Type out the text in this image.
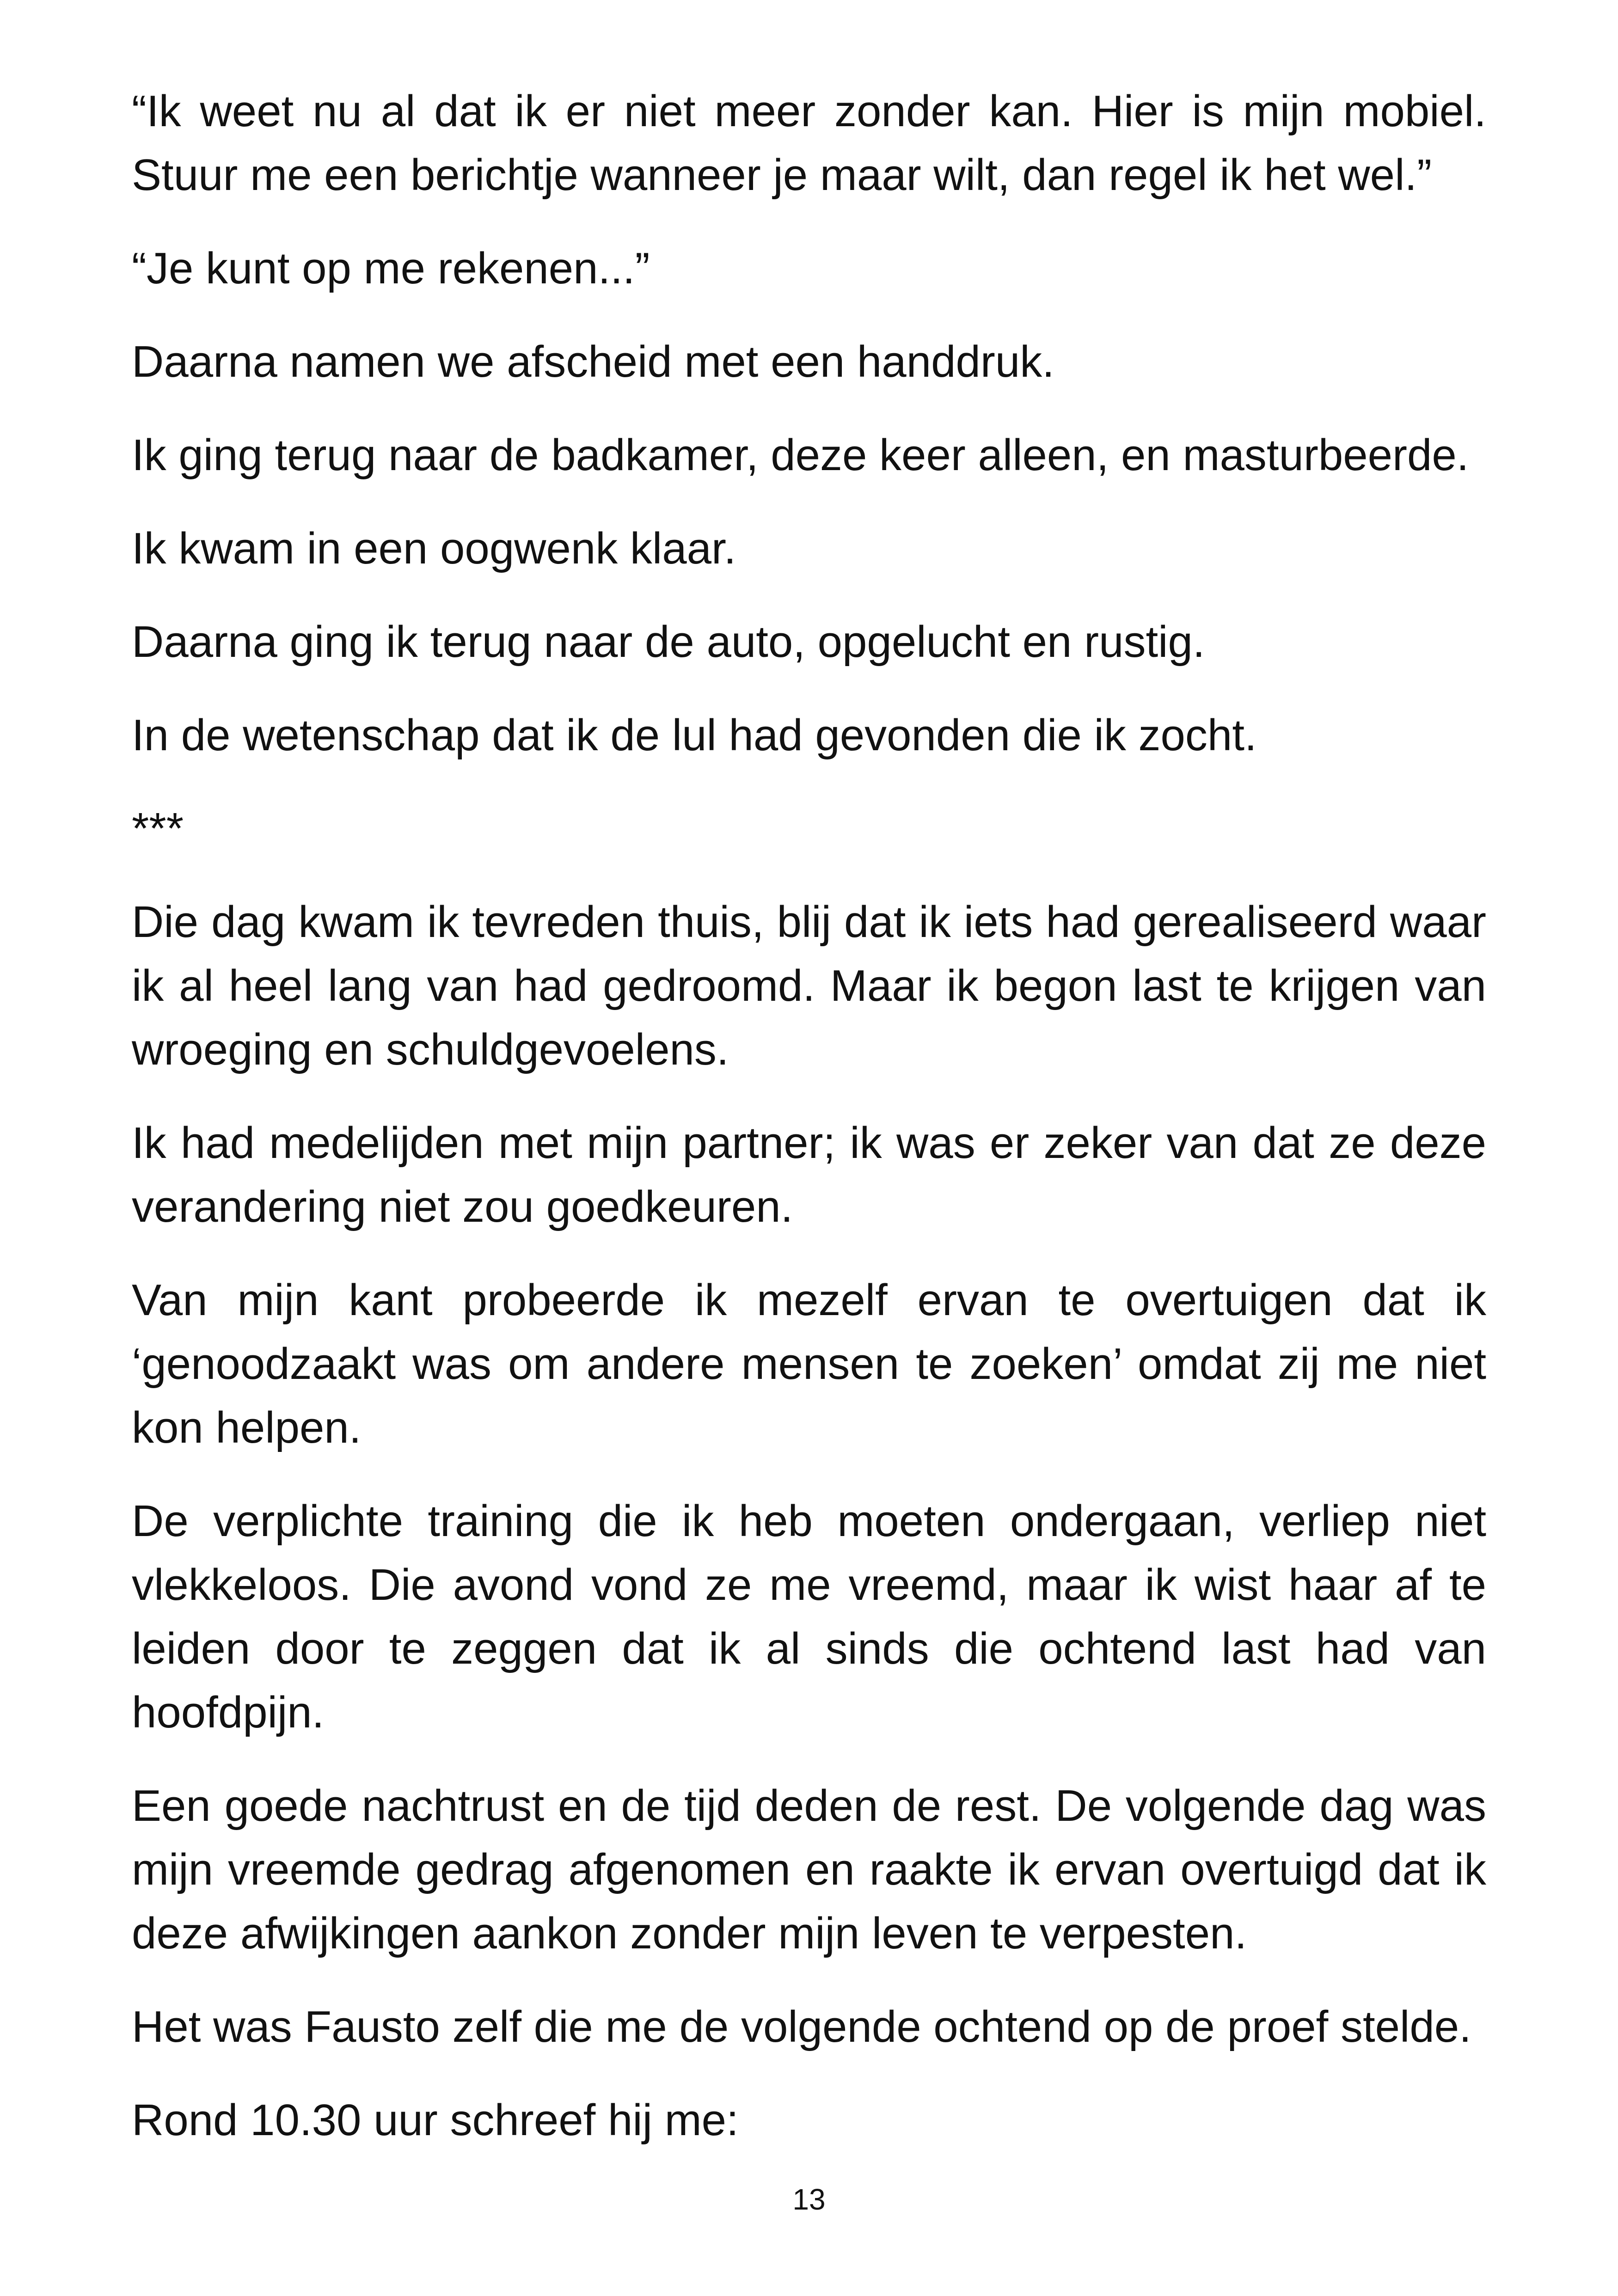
“Ik weet nu al dat ik er niet meer zonder kan. Hier is mijn mobiel. Stuur me een berichtje wanneer je maar wilt, dan regel ik het wel.”

“Je kunt op me rekenen...”

Daarna namen we afscheid met een handdruk.

Ik ging terug naar de badkamer, deze keer alleen, en masturbeerde.

Ik kwam in een oogwenk klaar.

Daarna ging ik terug naar de auto, opgelucht en rustig.

In de wetenschap dat ik de lul had gevonden die ik zocht.

***

Die dag kwam ik tevreden thuis, blij dat ik iets had gerealiseerd waar ik al heel lang van had gedroomd. Maar ik begon last te krijgen van wroeging en schuldgevoelens.

Ik had medelijden met mijn partner; ik was er zeker van dat ze deze verandering niet zou goedkeuren.

Van mijn kant probeerde ik mezelf ervan te overtuigen dat ik ‘genoodzaakt was om andere mensen te zoeken’ omdat zij me niet kon helpen.

De verplichte training die ik heb moeten ondergaan, verliep niet vlekkeloos. Die avond vond ze me vreemd, maar ik wist haar af te leiden door te zeggen dat ik al sinds die ochtend last had van hoofdpijn.

Een goede nachtrust en de tijd deden de rest. De volgende dag was mijn vreemde gedrag afgenomen en raakte ik ervan overtuigd dat ik deze afwijkingen aankon zonder mijn leven te verpesten.

Het was Fausto zelf die me de volgende ochtend op de proef stelde.

Rond 10.30 uur schreef hij me:

13
